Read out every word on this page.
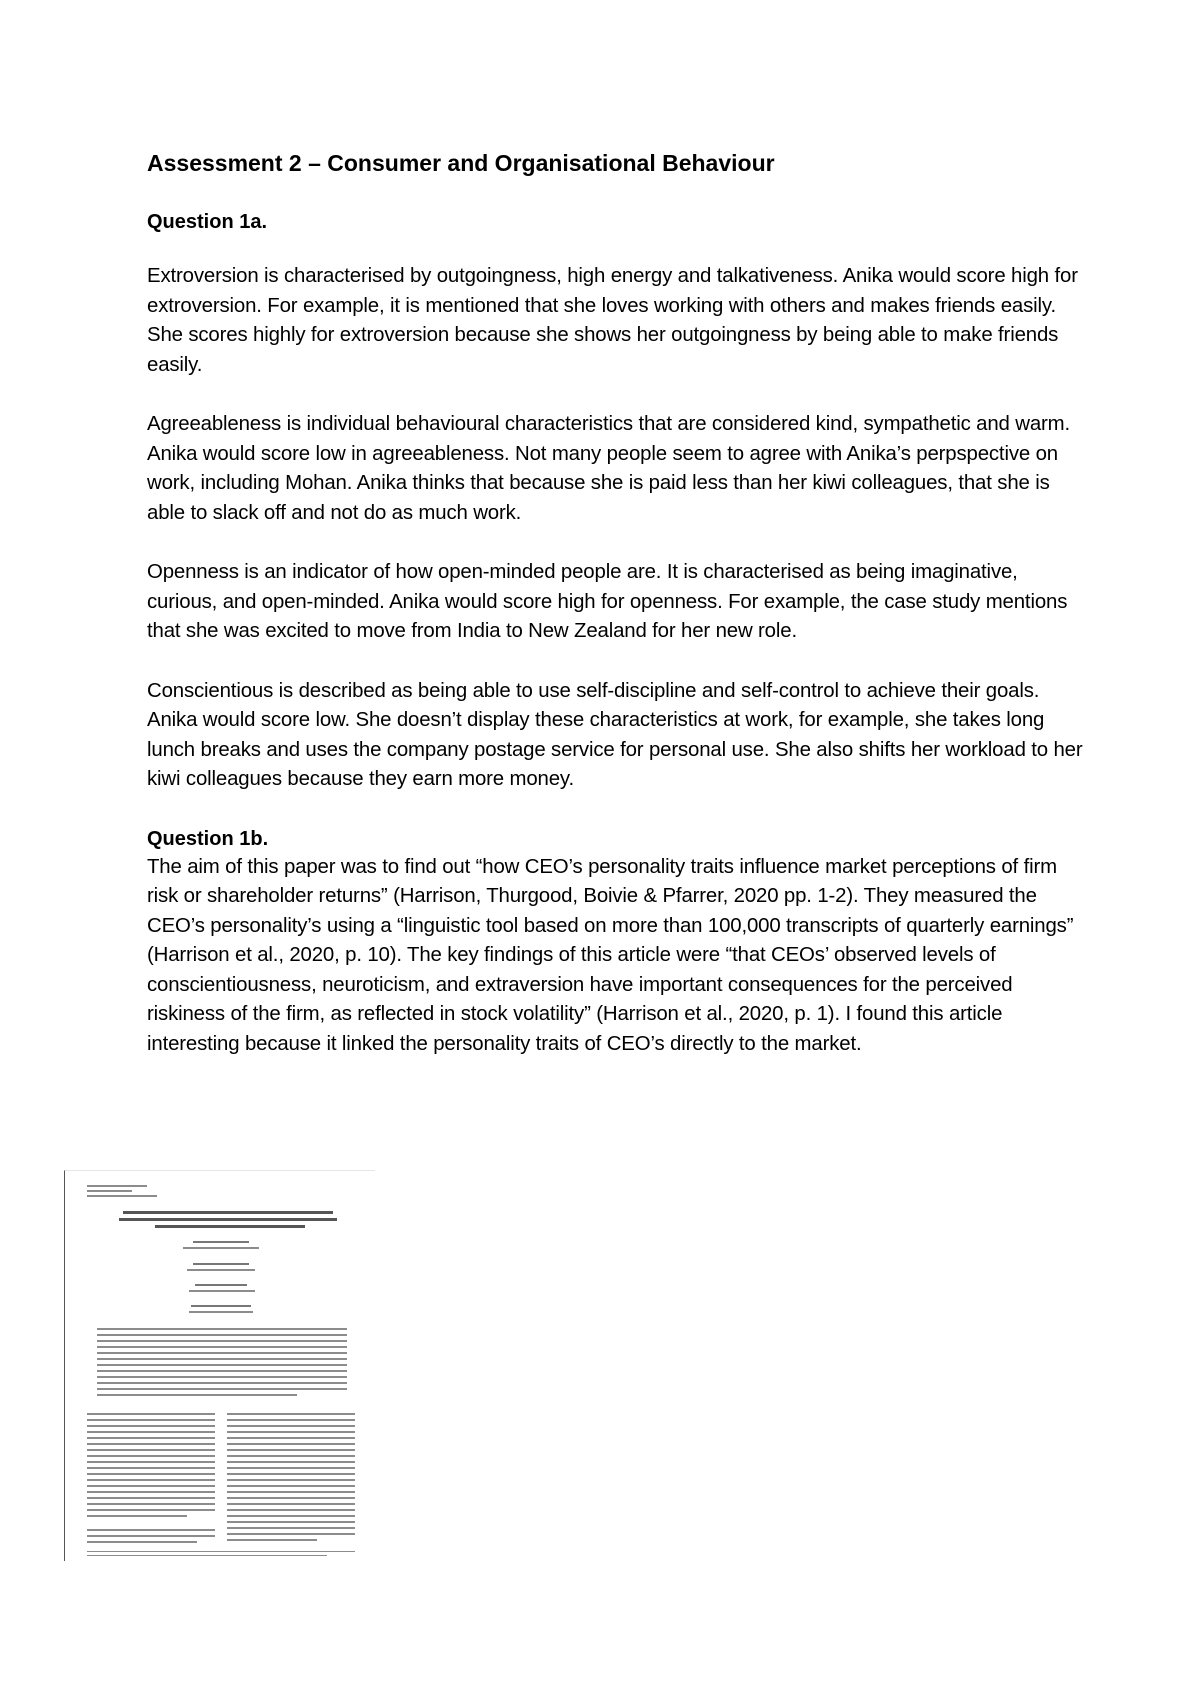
Assessment 2 – Consumer and Organisational Behaviour
Question 1a.

Extroversion is characterised by outgoingness, high energy and talkativeness. Anika would score high for extroversion. For example, it is mentioned that she loves working with others and makes friends easily. She scores highly for extroversion because she shows her outgoingness by being able to make friends easily.

Agreeableness is individual behavioural characteristics that are considered kind, sympathetic and warm. Anika would score low in agreeableness. Not many people seem to agree with Anika’s perpspective on work, including Mohan. Anika thinks that because she is paid less than her kiwi colleagues, that she is able to slack off and not do as much work.

Openness is an indicator of how open-minded people are. It is characterised as being imaginative, curious, and open-minded. Anika would score high for openness. For example, the case study mentions that she was excited to move from India to New Zealand for her new role.

Conscientious is described as being able to use self-discipline and self-control to achieve their goals. Anika would score low. She doesn’t display these characteristics at work, for example, she takes long lunch breaks and uses the company postage service for personal use. She also shifts her workload to her kiwi colleagues because they earn more money.

Question 1b.

The aim of this paper was to find out “how CEO’s personality traits influence market perceptions of firm risk or shareholder returns” (Harrison, Thurgood, Boivie & Pfarrer, 2020 pp. 1-2). They measured the CEO’s personality’s using a “linguistic tool based on more than 100,000 transcripts of quarterly earnings” (Harrison et al., 2020, p. 10). The key findings of this article were “that CEOs’ observed levels of conscientiousness, neuroticism, and extraversion have important consequences for the perceived riskiness of the firm, as reflected in stock volatility” (Harrison et al., 2020, p. 1). I found this article interesting because it linked the personality traits of CEO’s directly to the market.
